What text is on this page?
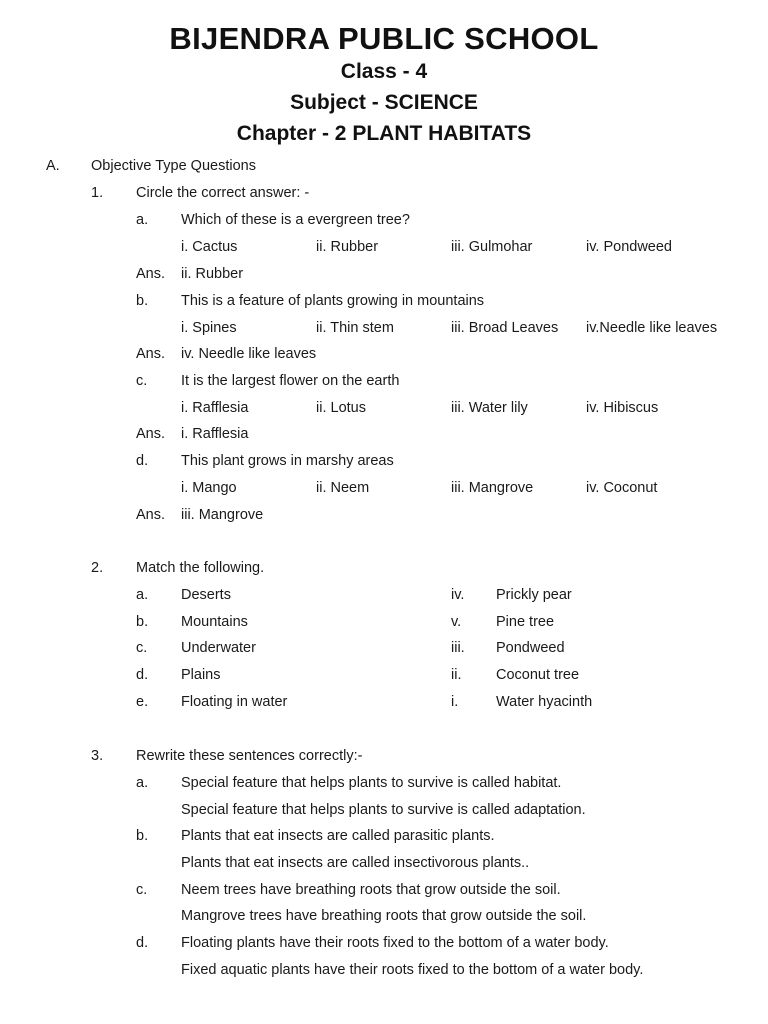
BIJENDRA PUBLIC SCHOOL
Class - 4
Subject - SCIENCE
Chapter - 2 PLANT HABITATS
A. Objective Type Questions
1. Circle the correct answer: -
a. Which of these is a evergreen tree?
i. Cactus	ii. Rubber	iii. Gulmohar	iv. Pondweed
Ans. ii. Rubber
b. This is a feature of plants growing in mountains
i. Spines	ii. Thin stem	iii. Broad Leaves iv.Needle like leaves
Ans. iv. Needle like leaves
c. It is the largest flower on the earth
i. Rafflesia	ii. Lotus	iii. Water lily	iv. Hibiscus
Ans. i. Rafflesia
d. This plant grows in marshy areas
i. Mango	ii. Neem	iii. Mangrove	iv. Coconut
Ans. iii. Mangrove
2. Match the following.
a. Deserts	iv. Prickly pear
b. Mountains	v. Pine tree
c. Underwater	iii. Pondweed
d. Plains	ii. Coconut tree
e. Floating in water	i.	Water hyacinth
3. Rewrite these sentences correctly:-
a. Special feature that helps plants to survive is called habitat.
Special feature that helps plants to survive is called adaptation.
b. Plants that eat insects are called parasitic plants.
Plants that eat insects are called insectivorous plants..
c. Neem trees have breathing roots that grow outside the soil.
Mangrove trees have breathing roots that grow outside the soil.
d. Floating plants have their roots fixed to the bottom of a water body.
Fixed aquatic plants have their roots fixed to the bottom of a water body.
